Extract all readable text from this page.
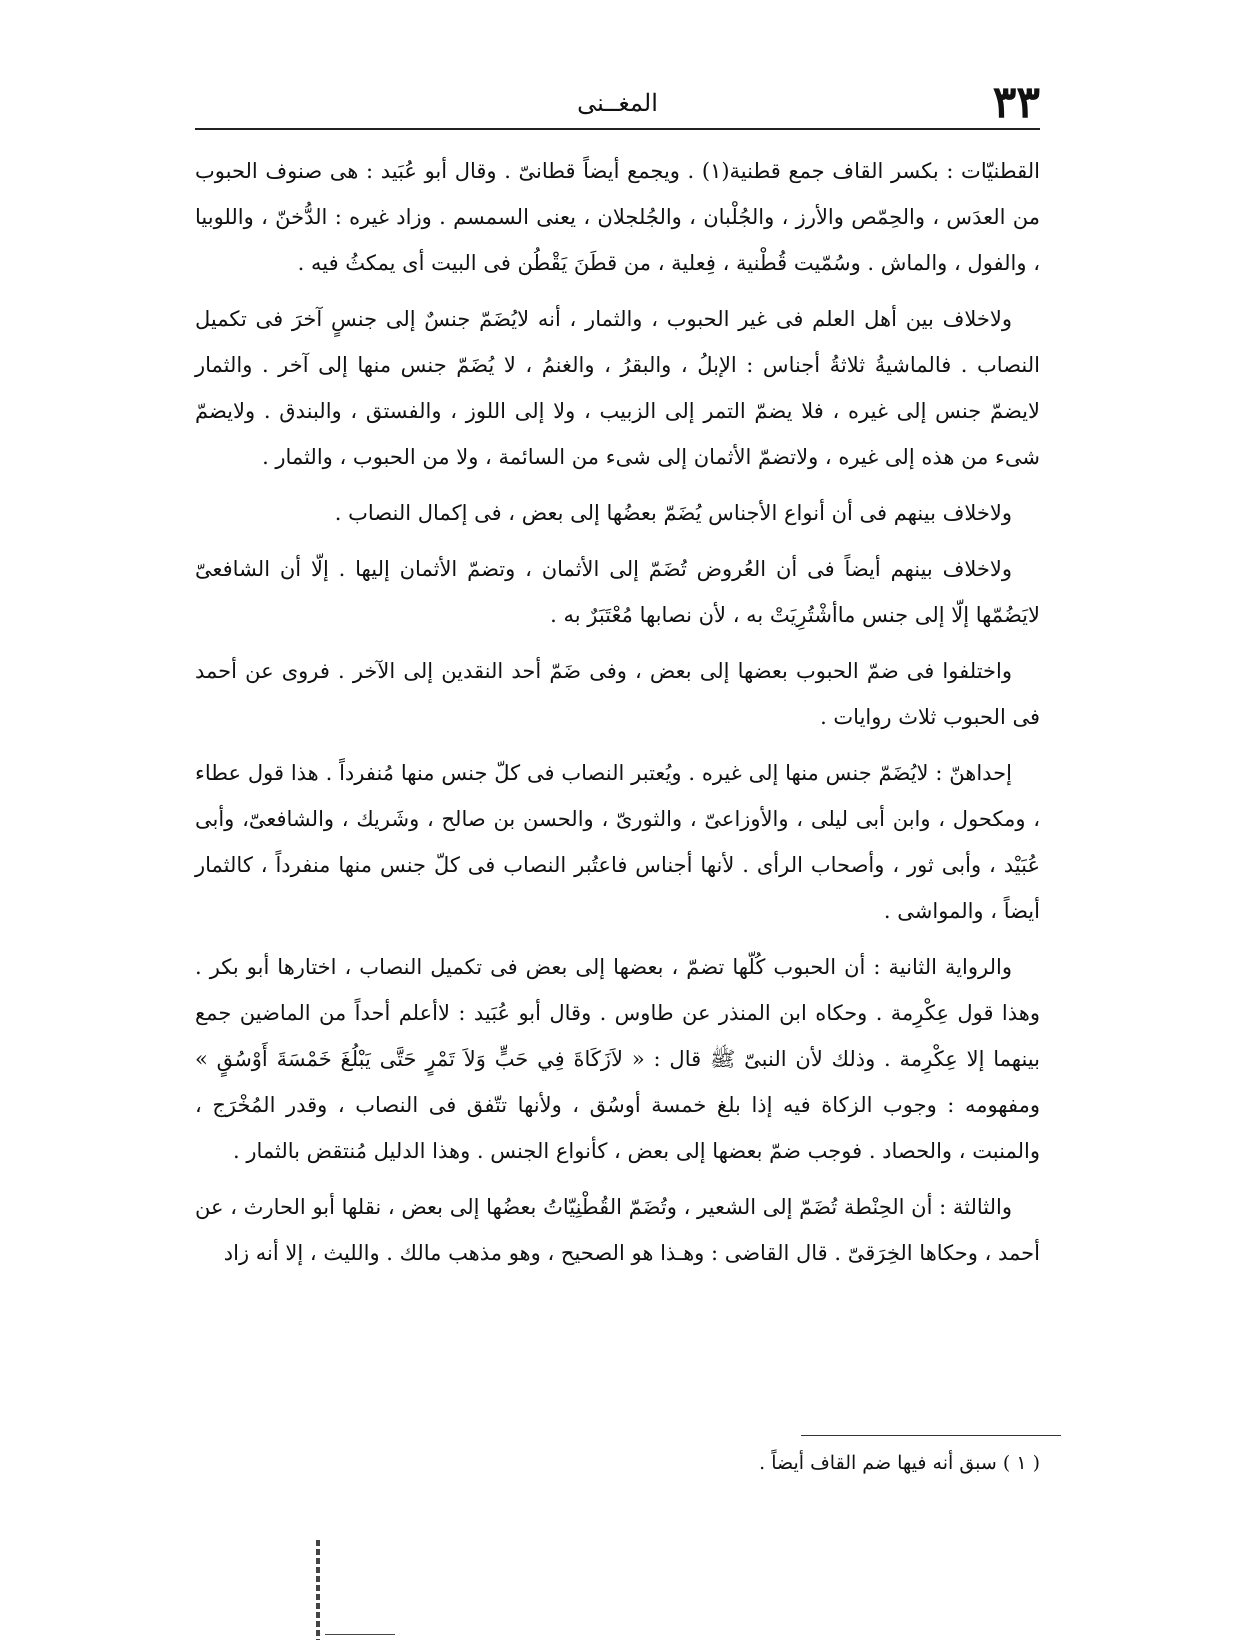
٣٣
المغــنى

القطنيّات : بكسر القاف جمع قطنية(١) . ويجمع أيضاً قطانىّ . وقال أبو عُبَيد : هى صنوف الحبوب من العدَس ، والحِمّص والأرز ، والجُلْبان ، والجُلجلان ، يعنى السمسم . وزاد غيره : الدُّخنّ ، واللوبيا ، والفول ، والماش . وسُمّيت قُطْنية ، فِعلية ، من قطَنَ يَقْطُن فى البيت أى يمكثُ فيه .

ولاخلاف بين أهل العلم فى غير الحبوب ، والثمار ، أنه لايُضَمّ جنسٌ إلى جنسٍ آخرَ فى تكميل النصاب . فالماشيةُ ثلاثةُ أجناس : الإبلُ ، والبقرُ ، والغنمُ ، لا يُضَمّ جنس منها إلى آخر . والثمار لايضمّ جنس إلى غيره ، فلا يضمّ التمر إلى الزبيب ، ولا إلى اللوز ، والفستق ، والبندق . ولايضمّ شىء من هذه إلى غيره ، ولاتضمّ الأثمان إلى شىء من السائمة ، ولا من الحبوب ، والثمار .

ولاخلاف بينهم فى أن أنواع الأجناس يُضَمّ بعضُها إلى بعض ، فى إكمال النصاب .

ولاخلاف بينهم أيضاً فى أن العُروض تُضَمّ إلى الأثمان ، وتضمّ الأثمان إليها . إلّا أن الشافعىّ لايَضُمّها إلّا إلى جنس ماأشْتُرِيَتْ به ، لأن نصابها مُعْتَبَرٌ به .

واختلفوا فى ضمّ الحبوب بعضها إلى بعض ، وفى ضَمّ أحد النقدين إلى الآخر . فروى عن أحمد فى الحبوب ثلاث روايات .

إحداهنّ : لايُضَمّ جنس منها إلى غيره . ويُعتبر النصاب فى كلّ جنس منها مُنفرداً . هذا قول عطاء ، ومكحول ، وابن أبى ليلى ، والأوزاعىّ ، والثورىّ ، والحسن بن صالح ، وشَريك ، والشافعىّ، وأبى عُبَيْد ، وأبى ثور ، وأصحاب الرأى . لأنها أجناس فاعتُبر النصاب فى كلّ جنس منها منفرداً ، كالثمار أيضاً ، والمواشى .

والرواية الثانية : أن الحبوب كُلّها تضمّ ، بعضها إلى بعض فى تكميل النصاب ، اختارها أبو بكر . وهذا قول عِكْرِمة . وحكاه ابن المنذر عن طاوس . وقال أبو عُبَيد : لاأعلم أحداً من الماضين جمع بينهما إلا عِكْرِمة . وذلك لأن النبىّ ﷺ قال : « لاَزَكَاةَ فِي حَبٍّ وَلاَ تَمْرٍ حَتَّى يَبْلُغَ خَمْسَةَ أَوْسُقٍ » ومفهومه : وجوب الزكاة فيه إذا بلغ خمسة أوسُق ، ولأنها تتّفق فى النصاب ، وقدر المُخْرَج ، والمنبت ، والحصاد . فوجب ضمّ بعضها إلى بعض ، كأنواع الجنس . وهذا الدليل مُنتقض بالثمار .

والثالثة : أن الحِنْطة تُضَمّ إلى الشعير ، وتُضَمّ القُطْنِيّاتُ بعضُها إلى بعض ، نقلها أبو الحارث ، عن أحمد ، وحكاها الخِرَقىّ . قال القاضى : وهـذا هو الصحيح ، وهو مذهب مالك . والليث ، إلا أنه زاد

( ١ ) سبق أنه فيها ضم القاف أيضاً .
